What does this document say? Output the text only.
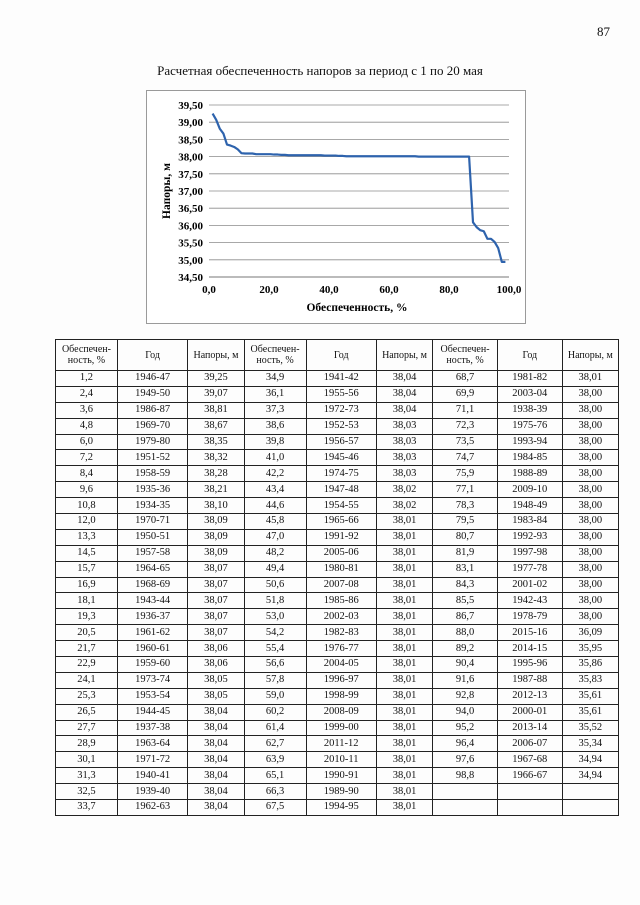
87
Расчетная обеспеченность напоров за период с 1 по 20 мая
34,50
35,00
35,50
36,00
36,50
37,00
37,50
38,00
38,50
39,00
39,50
0,0	20,0	40,0	60,0	80,0	100,0
Напоры, м
Обеспеченность, %
Обеспечен-ность, %	Год	Напоры, м	Обеспечен-ность, %	Год	Напоры, м	Обеспечен-ность, %	Год	Напоры, м
1,2	1946-47	39,25	34,9	1941-42	38,04	68,7	1981-82	38,01
2,4	1949-50	39,07	36,1	1955-56	38,04	69,9	2003-04	38,00
3,6	1986-87	38,81	37,3	1972-73	38,04	71,1	1938-39	38,00
4,8	1969-70	38,67	38,6	1952-53	38,03	72,3	1975-76	38,00
6,0	1979-80	38,35	39,8	1956-57	38,03	73,5	1993-94	38,00
7,2	1951-52	38,32	41,0	1945-46	38,03	74,7	1984-85	38,00
8,4	1958-59	38,28	42,2	1974-75	38,03	75,9	1988-89	38,00
9,6	1935-36	38,21	43,4	1947-48	38,02	77,1	2009-10	38,00
10,8	1934-35	38,10	44,6	1954-55	38,02	78,3	1948-49	38,00
12,0	1970-71	38,09	45,8	1965-66	38,01	79,5	1983-84	38,00
13,3	1950-51	38,09	47,0	1991-92	38,01	80,7	1992-93	38,00
14,5	1957-58	38,09	48,2	2005-06	38,01	81,9	1997-98	38,00
15,7	1964-65	38,07	49,4	1980-81	38,01	83,1	1977-78	38,00
16,9	1968-69	38,07	50,6	2007-08	38,01	84,3	2001-02	38,00
18,1	1943-44	38,07	51,8	1985-86	38,01	85,5	1942-43	38,00
19,3	1936-37	38,07	53,0	2002-03	38,01	86,7	1978-79	38,00
20,5	1961-62	38,07	54,2	1982-83	38,01	88,0	2015-16	36,09
21,7	1960-61	38,06	55,4	1976-77	38,01	89,2	2014-15	35,95
22,9	1959-60	38,06	56,6	2004-05	38,01	90,4	1995-96	35,86
24,1	1973-74	38,05	57,8	1996-97	38,01	91,6	1987-88	35,83
25,3	1953-54	38,05	59,0	1998-99	38,01	92,8	2012-13	35,61
26,5	1944-45	38,04	60,2	2008-09	38,01	94,0	2000-01	35,61
27,7	1937-38	38,04	61,4	1999-00	38,01	95,2	2013-14	35,52
28,9	1963-64	38,04	62,7	2011-12	38,01	96,4	2006-07	35,34
30,1	1971-72	38,04	63,9	2010-11	38,01	97,6	1967-68	34,94
31,3	1940-41	38,04	65,1	1990-91	38,01	98,8	1966-67	34,94
32,5	1939-40	38,04	66,3	1989-90	38,01			
33,7	1962-63	38,04	67,5	1994-95	38,01			
